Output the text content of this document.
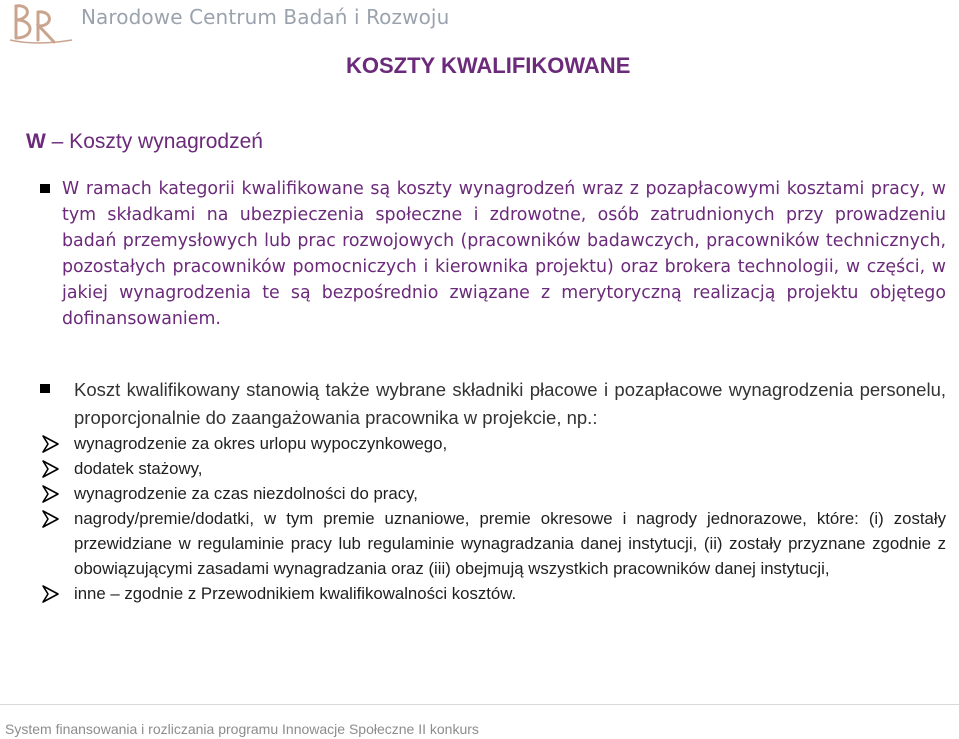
Narodowe Centrum Badań i Rozwoju
KOSZTY KWALIFIKOWANE
W – Koszty wynagrodzeń
W ramach kategorii kwalifikowane są koszty wynagrodzeń wraz z pozapłacowymi kosztami pracy, w tym składkami na ubezpieczenia społeczne i zdrowotne, osób zatrudnionych przy prowadzeniu badań przemysłowych lub prac rozwojowych (pracowników badawczych, pracowników technicznych, pozostałych pracowników pomocniczych i kierownika projektu) oraz brokera technologii, w części, w jakiej wynagrodzenia te są bezpośrednio związane z merytoryczną realizacją projektu objętego dofinansowaniem.
Koszt kwalifikowany stanowią także wybrane składniki płacowe i pozapłacowe wynagrodzenia personelu, proporcjonalnie do zaangażowania pracownika w projekcie, np.:
wynagrodzenie za okres urlopu wypoczynkowego,
dodatek stażowy,
wynagrodzenie za czas niezdolności do pracy,
nagrody/premie/dodatki, w tym premie uznaniowe, premie okresowe i nagrody jednorazowe, które: (i) zostały przewidziane w regulaminie pracy lub regulaminie wynagradzania danej instytucji, (ii) zostały przyznane zgodnie z obowiązującymi zasadami wynagradzania oraz (iii) obejmują wszystkich pracowników danej instytucji,
inne – zgodnie z Przewodnikiem kwalifikowalności kosztów.
System finansowania i rozliczania programu Innowacje Społeczne II konkurs
